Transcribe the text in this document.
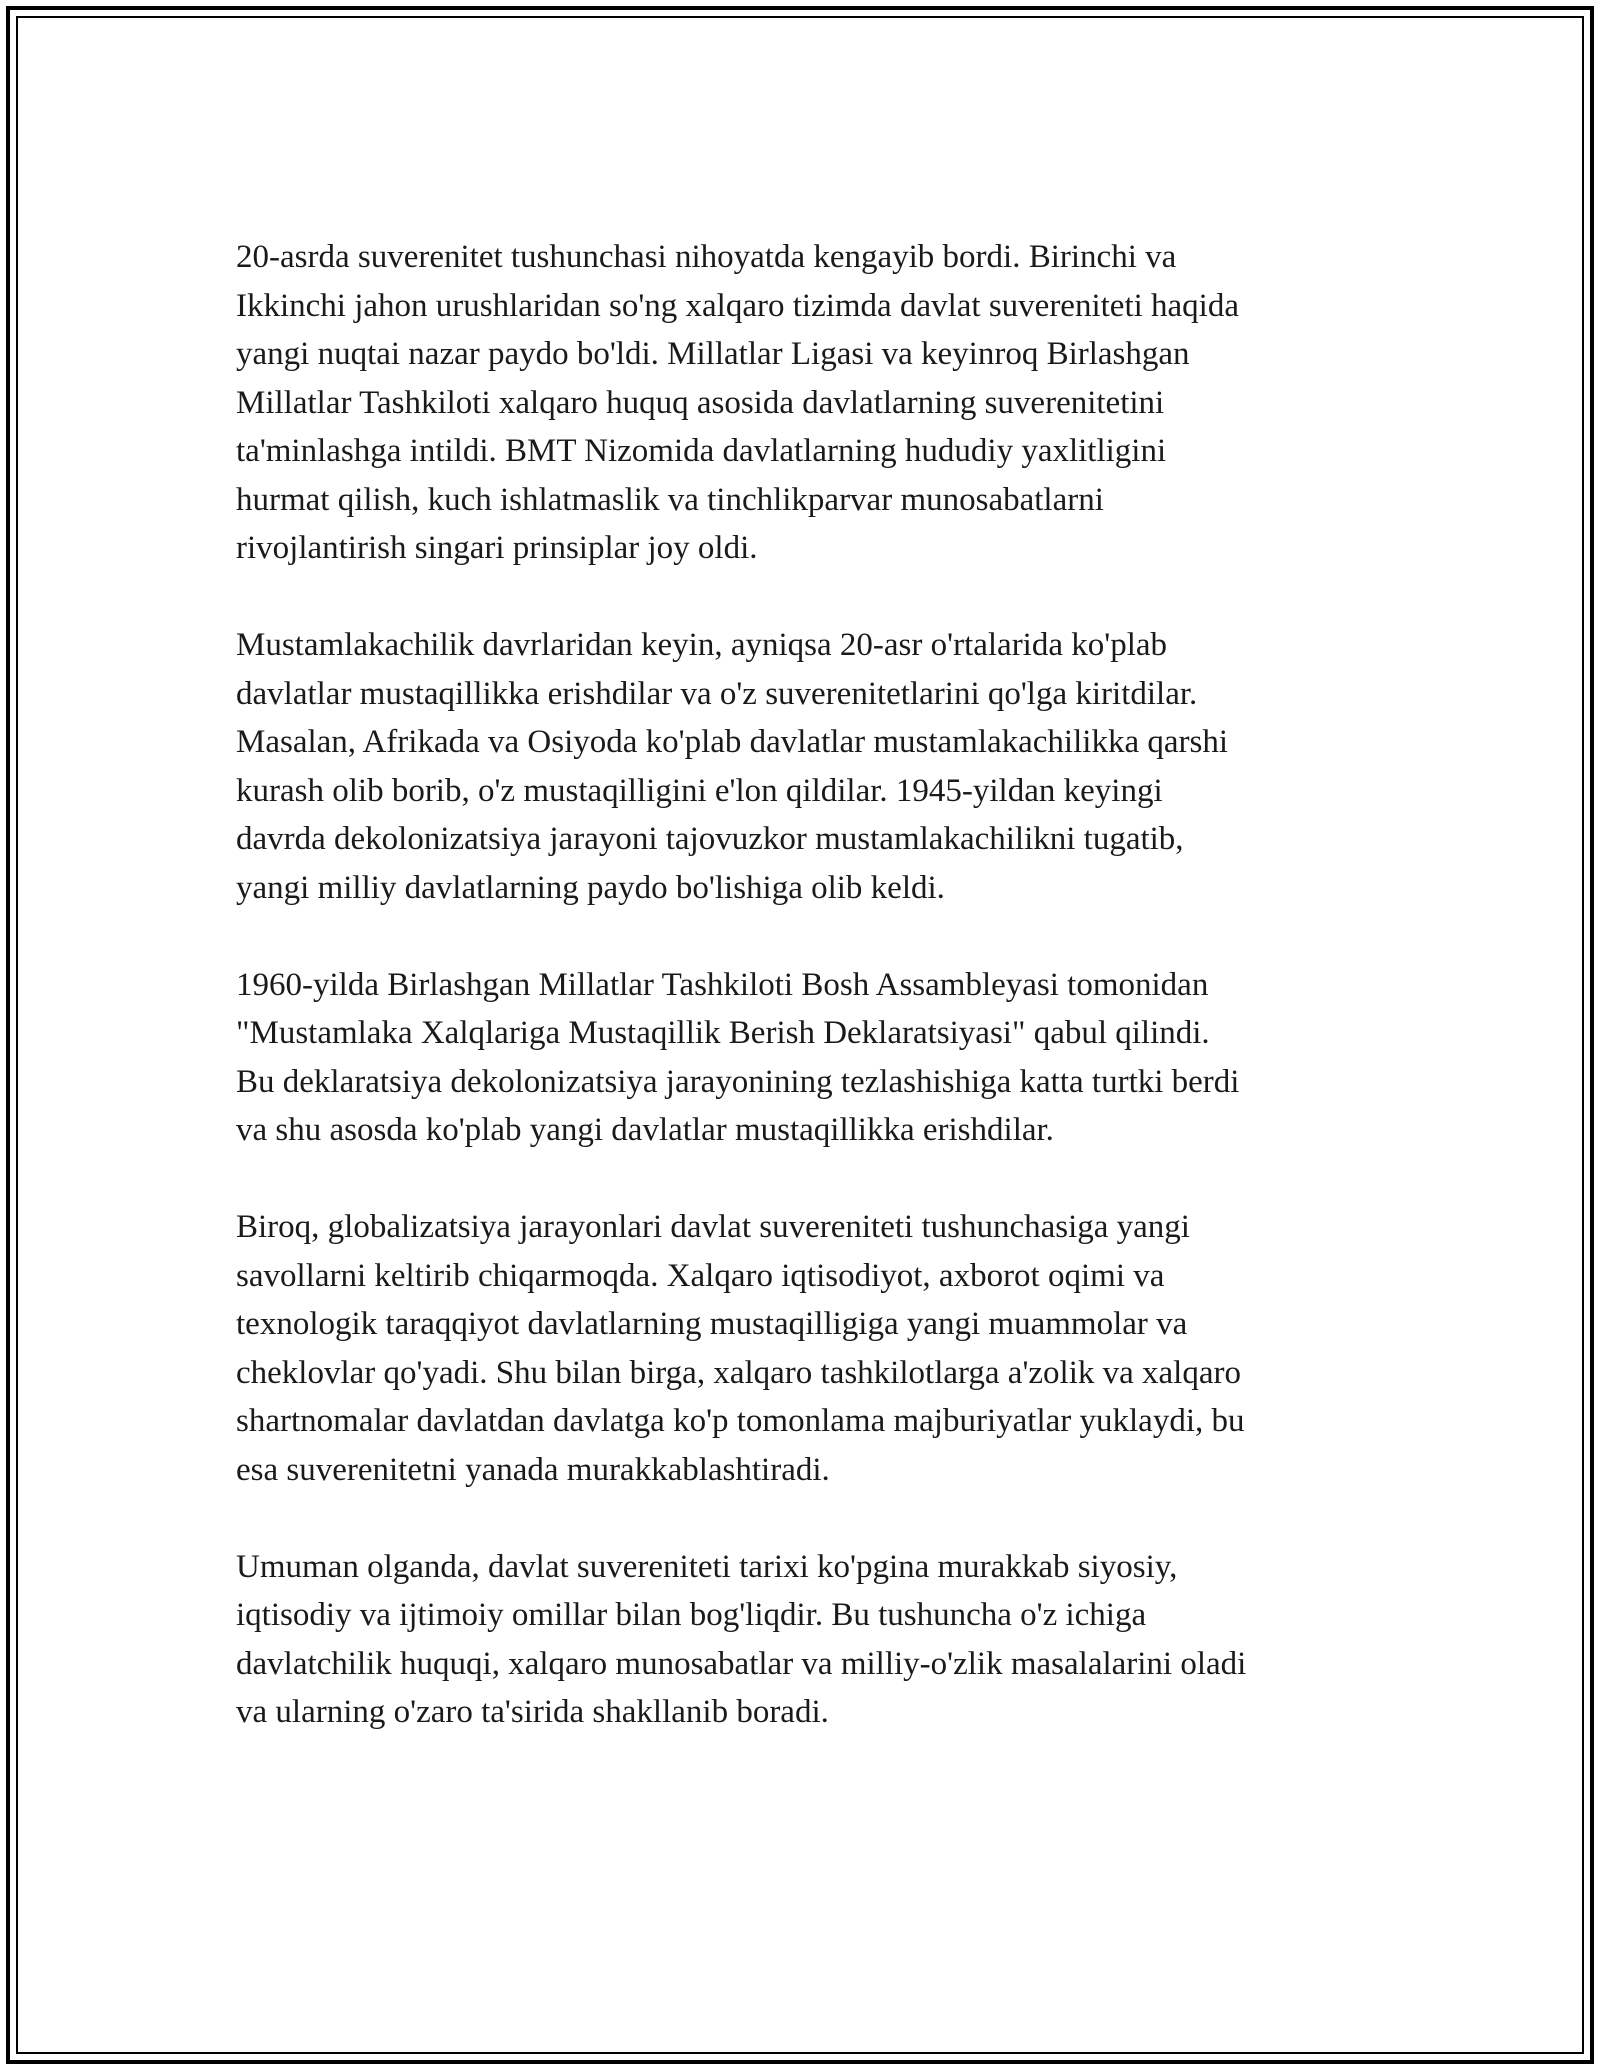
20-asrda suverenitet tushunchasi nihoyatda kengayib bordi. Birinchi va
Ikkinchi jahon urushlaridan so'ng xalqaro tizimda davlat suvereniteti haqida
yangi nuqtai nazar paydo bo'ldi. Millatlar Ligasi va keyinroq Birlashgan
Millatlar Tashkiloti xalqaro huquq asosida davlatlarning suverenitetini
ta'minlashga intildi. BMT Nizomida davlatlarning hududiy yaxlitligini
hurmat qilish, kuch ishlatmaslik va tinchlikparvar munosabatlarni
rivojlantirish singari prinsiplar joy oldi.

Mustamlakachilik davrlaridan keyin, ayniqsa 20-asr o'rtalarida ko'plab
davlatlar mustaqillikka erishdilar va o'z suverenitetlarini qo'lga kiritdilar.
Masalan, Afrikada va Osiyoda ko'plab davlatlar mustamlakachilikka qarshi
kurash olib borib, o'z mustaqilligini e'lon qildilar. 1945-yildan keyingi
davrda dekolonizatsiya jarayoni tajovuzkor mustamlakachilikni tugatib,
yangi milliy davlatlarning paydo bo'lishiga olib keldi.

1960-yilda Birlashgan Millatlar Tashkiloti Bosh Assambleyasi tomonidan
"Mustamlaka Xalqlariga Mustaqillik Berish Deklaratsiyasi" qabul qilindi.
Bu deklaratsiya dekolonizatsiya jarayonining tezlashishiga katta turtki berdi
va shu asosda ko'plab yangi davlatlar mustaqillikka erishdilar.

Biroq, globalizatsiya jarayonlari davlat suvereniteti tushunchasiga yangi
savollarni keltirib chiqarmoqda. Xalqaro iqtisodiyot, axborot oqimi va
texnologik taraqqiyot davlatlarning mustaqilligiga yangi muammolar va
cheklovlar qo'yadi. Shu bilan birga, xalqaro tashkilotlarga a'zolik va xalqaro
shartnomalar davlatdan davlatga ko'p tomonlama majburiyatlar yuklaydi, bu
esa suverenitetni yanada murakkablashtiradi.

Umuman olganda, davlat suvereniteti tarixi ko'pgina murakkab siyosiy,
iqtisodiy va ijtimoiy omillar bilan bog'liqdir. Bu tushuncha o'z ichiga
davlatchilik huquqi, xalqaro munosabatlar va milliy-o'zlik masalalarini oladi
va ularning o'zaro ta'sirida shakllanib boradi.
